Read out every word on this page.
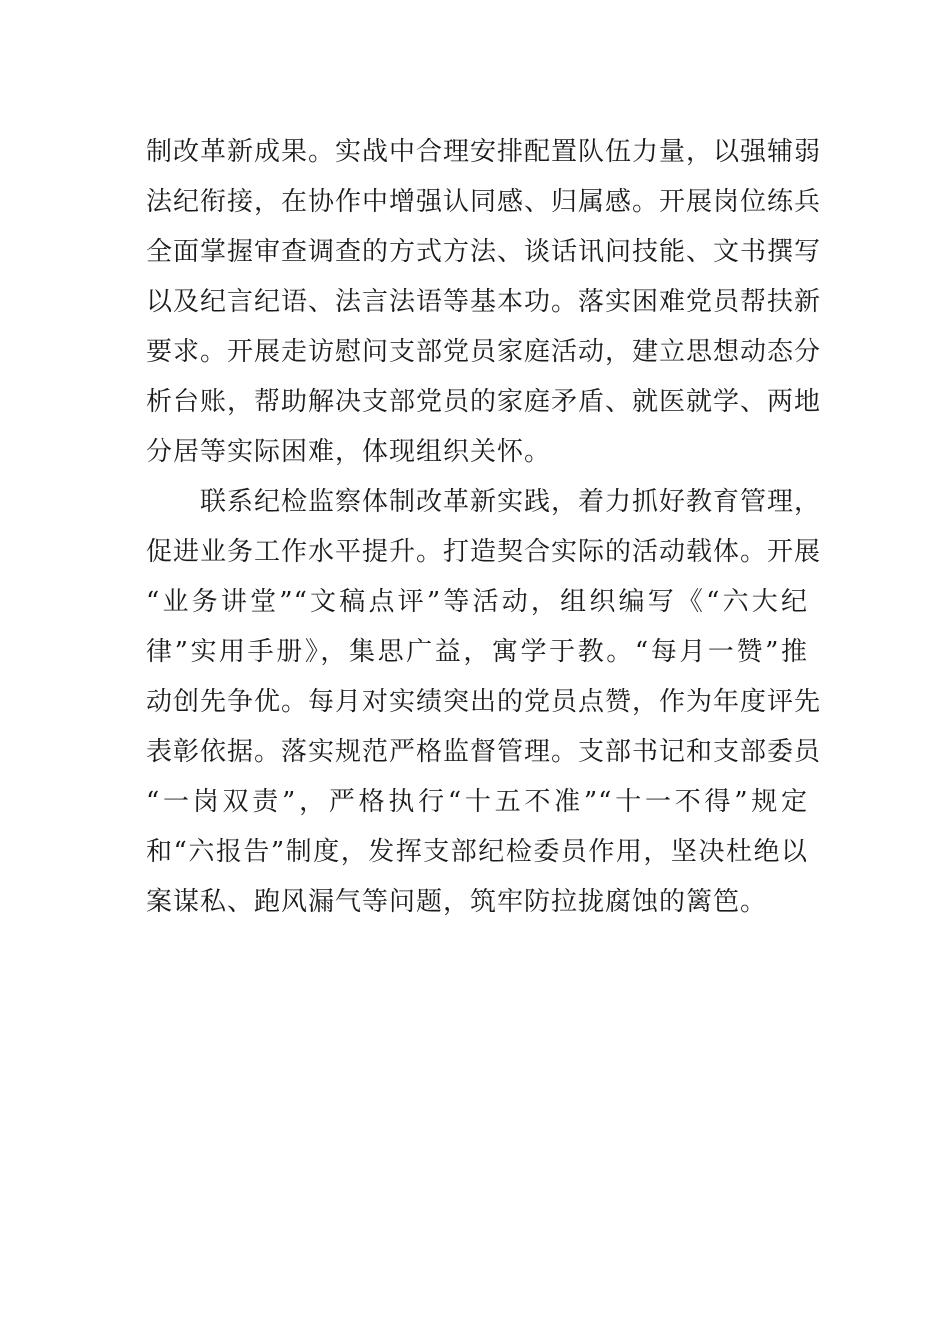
制改革新成果。实战中合理安排配置队伍力量，以强辅弱
法纪衔接，在协作中增强认同感、归属感。开展岗位练兵
全面掌握审查调查的方式方法、谈话讯问技能、文书撰写
以及纪言纪语、法言法语等基本功。落实困难党员帮扶新
要求。开展走访慰问支部党员家庭活动，建立思想动态分
析台账，帮助解决支部党员的家庭矛盾、就医就学、两地
分居等实际困难，体现组织关怀。
联系纪检监察体制改革新实践，着力抓好教育管理，
促进业务工作水平提升。打造契合实际的活动载体。开展
“业务讲堂”“文稿点评”等活动，组织编写《“六大纪
律”实用手册》，集思广益，寓学于教。“每月一赞”推
动创先争优。每月对实绩突出的党员点赞，作为年度评先
表彰依据。落实规范严格监督管理。支部书记和支部委员
“一岗双责”，严格执行“十五不准”“十一不得”规定
和“六报告”制度，发挥支部纪检委员作用，坚决杜绝以
案谋私、跑风漏气等问题，筑牢防拉拢腐蚀的篱笆。
